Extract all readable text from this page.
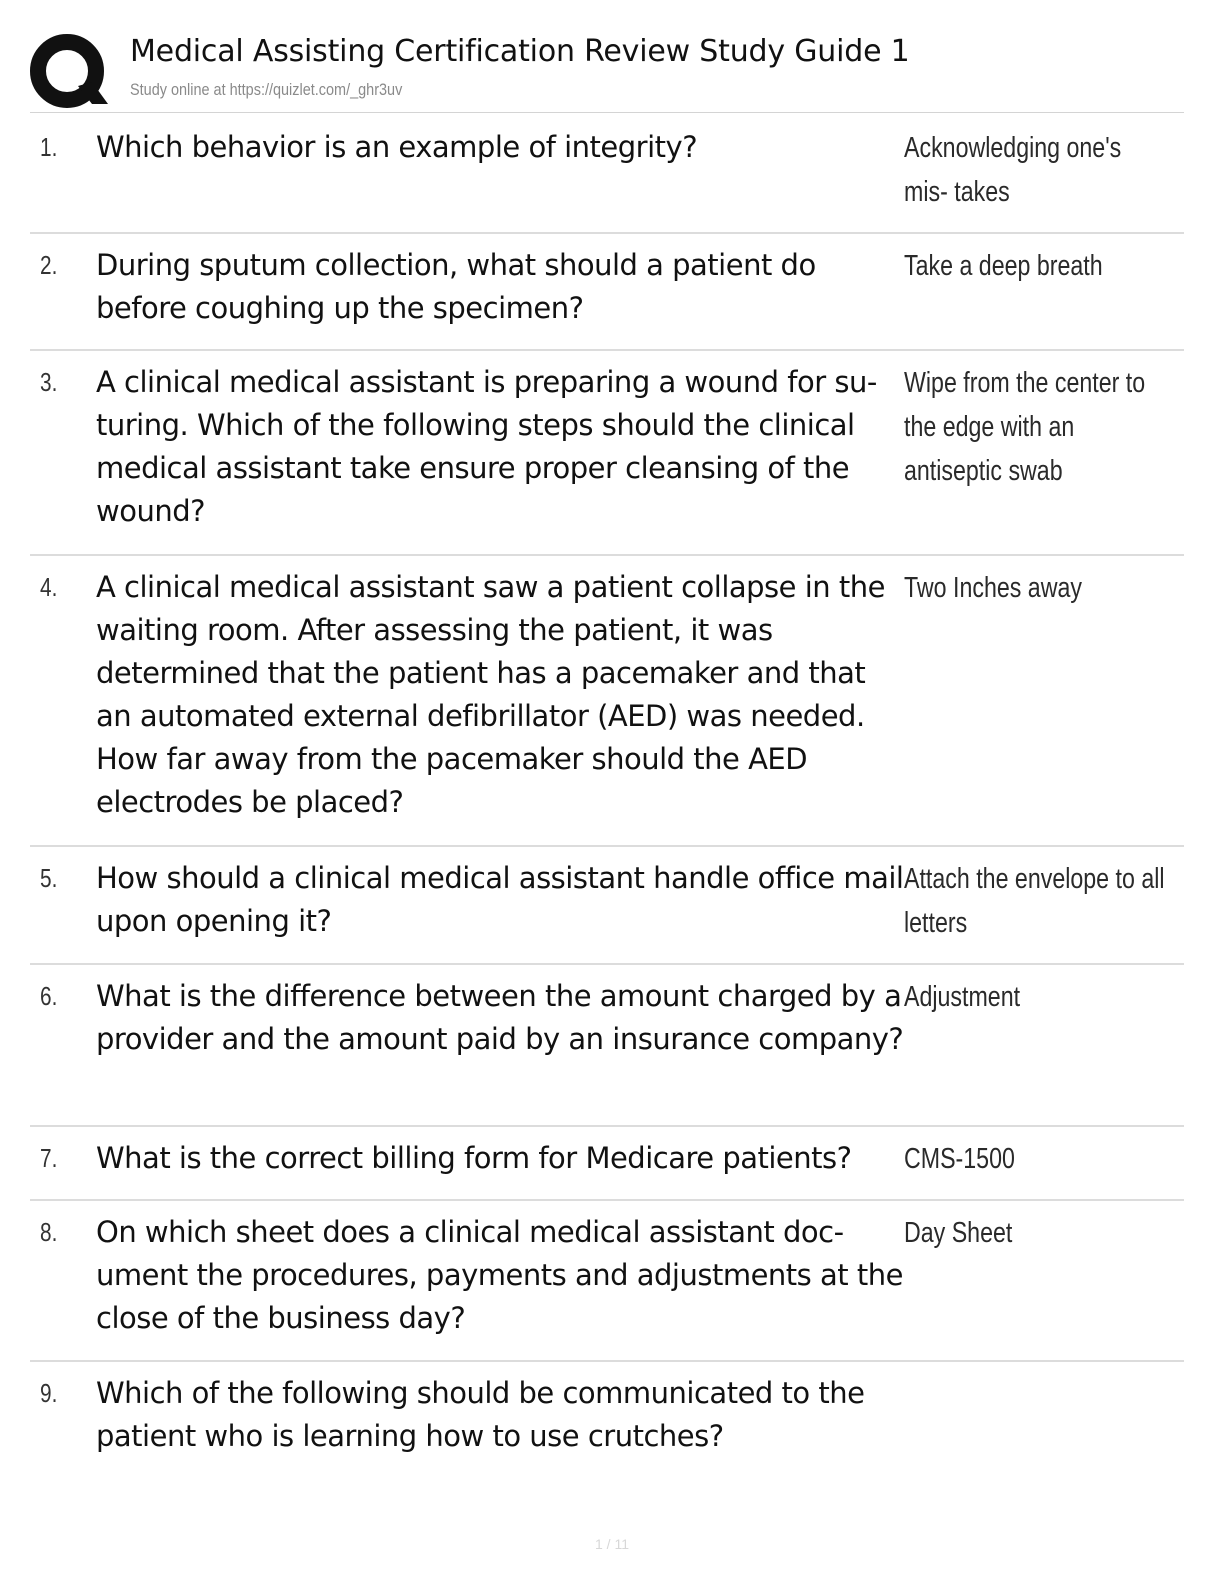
Medical Assisting Certification Review Study Guide 1
Study online at https://quizlet.com/_ghr3uv
1. Which behavior is an example of integrity?	Acknowledging one's mis- takes
2. During sputum collection, what should a patient do before coughing up the specimen?
Take a deep breath
3. A clinical medical assistant is preparing a wound for su- turing. Which of the following steps should the clinical medical assistant take ensure proper cleansing of the wound?
Wipe from the center to the edge with an antiseptic swab
4. A clinical medical assistant saw a patient collapse in the waiting room. After assessing the patient, it was determined that the patient has a pacemaker and that an automated external defibrillator (AED) was needed. How far away from the pacemaker should the AED electrodes be placed?
Two Inches away
5. How should a clinical medical assistant handle office mail upon opening it?
Attach the envelope to all letters
6. What is the difference between the amount charged by a provider and the amount paid by an insurance company?
Adjustment
7. What is the correct billing form for Medicare patients?	CMS-1500
8. On which sheet does a clinical medical assistant doc- ument the procedures, payments and adjustments at the close of the business day?
Day Sheet
9. Which of the following should be communicated to the patient who is learning how to use crutches?
1 / 11
